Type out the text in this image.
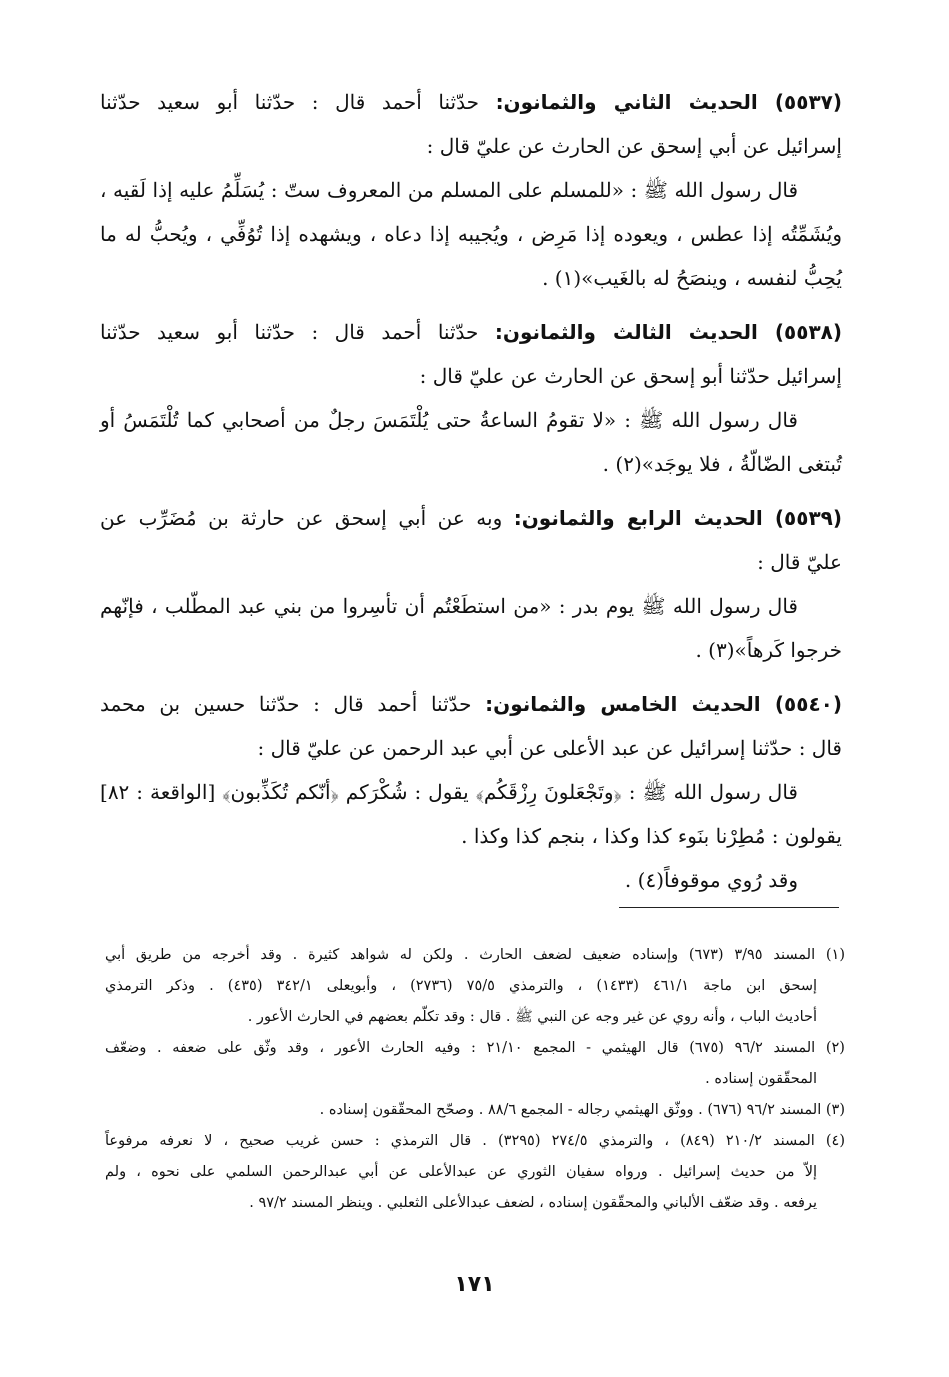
(٥٥٣٧) الحديث الثاني والثمانون: حدّثنا أحمد قال : حدّثنا أبو سعيد حدّثنا
إسرائيل عن أبي إسحق عن الحارث عن عليّ قال :
قال رسول الله ﷺ : «للمسلم على المسلم من المعروف ستّ : يُسَلِّمُ عليه إذا لَقيه ،
ويُشَمِّتُه إذا عطس ، ويعوده إذا مَرِض ، ويُجيبه إذا دعاه ، ويشهده إذا تُوُفِّي ، ويُحبُّ له ما
يُحِبُّ لنفسه ، وينصَحُ له بالغَيب»(١) .
(٥٥٣٨) الحديث الثالث والثمانون: حدّثنا أحمد قال : حدّثنا أبو سعيد حدّثنا
إسرائيل حدّثنا أبو إسحق عن الحارث عن عليّ قال :
قال رسول الله ﷺ : «لا تقومُ الساعةُ حتى يُلْتَمَسَ رجلٌ من أصحابي كما تُلْتَمَسُ أو
تُبتغى الضّالّةُ ، فلا يوجَد»(٢) .
(٥٥٣٩) الحديث الرابع والثمانون: وبه عن أبي إسحق عن حارثة بن مُضَرِّب عن
عليّ قال :
قال رسول الله ﷺ يوم بدر : «من استطَعْتُم أن تأسِروا من بني عبد المطّلب ، فإنّهم
خرجوا كَرهاً»(٣) .
(٥٥٤٠) الحديث الخامس والثمانون: حدّثنا أحمد قال : حدّثنا حسين بن محمد
قال : حدّثنا إسرائيل عن عبد الأعلى عن أبي عبد الرحمن عن عليّ قال :
قال رسول الله ﷺ : ﴿وتَجْعَلونَ رِزْقَكُم﴾ يقول : شُكْرَكم ﴿أنّكم تُكَذِّبون﴾ [الواقعة : ٨٢]
يقولون : مُطِرْنا بنَوء كذا وكذا ، بنجم كذا وكذا .
وقد رُوي موقوفاً(٤) .
(١) المسند ٣/٩٥ (٦٧٣) وإسناده ضعيف لضعف الحارث . ولكن له شواهد كثيرة . وقد أخرجه من طريق أبي
إسحق ابن ماجة ٤٦١/١ (١٤٣٣) ، والترمذي ٧٥/٥ (٢٧٣٦) ، وأبويعلى ٣٤٢/١ (٤٣٥) . وذكر الترمذي
أحاديث الباب ، وأنه روي عن غير وجه عن النبي ﷺ . قال : وقد تكلّم بعضهم في الحارث الأعور .
(٢) المسند ٩٦/٢ (٦٧٥) قال الهيثمي - المجمع ٢١/١٠ : وفيه الحارث الأعور ، وقد وثّق على ضعفه . وضعّف
المحقّقون إسناده .
(٣) المسند ٩٦/٢ (٦٧٦) . ووثّق الهيثمي رجاله - المجمع ٨٨/٦ . وصحّح المحقّقون إسناده .
(٤) المسند ٢١٠/٢ (٨٤٩) ، والترمذي ٢٧٤/٥ (٣٢٩٥) . قال الترمذي : حسن غريب صحيح ، لا نعرفه مرفوعاً
إلاّ من حديث إسرائيل . ورواه سفيان الثوري عن عبدالأعلى عن أبي عبدالرحمن السلمي على نحوه ، ولم
يرفعه . وقد ضعّف الألباني والمحقّقون إسناده ، لضعف عبدالأعلى الثعلبي . وينظر المسند ٩٧/٢ .
١٧١
